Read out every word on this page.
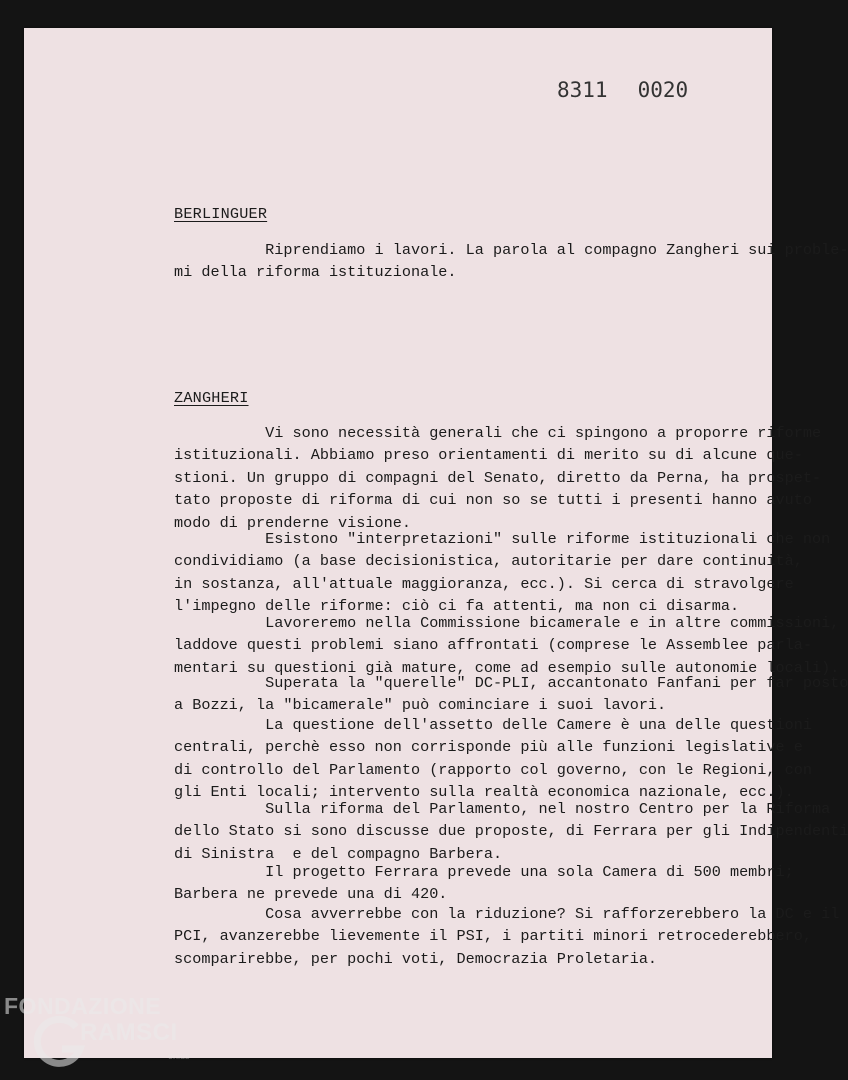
8311 0020
BERLINGUER
Riprendiamo i lavori. La parola al compagno Zangheri sui proble-
mi della riforma istituzionale.
ZANGHERI
Vi sono necessità generali che ci spingono a proporre riforme
istituzionali. Abbiamo preso orientamenti di merito su di alcune que-
stioni. Un gruppo di compagni del Senato, diretto da Perna, ha prospet-
tato proposte di riforma di cui non so se tutti i presenti hanno avuto
modo di prenderne visione.
Esistono "interpretazioni" sulle riforme istituzionali che non
condividiamo (a base decisionistica, autoritarie per dare continuità,
in sostanza, all'attuale maggioranza, ecc.). Si cerca di stravolgere
l'impegno delle riforme: ciò ci fa attenti, ma non ci disarma.
Lavoreremo nella Commissione bicamerale e in altre commissioni,
laddove questi problemi siano affrontati (comprese le Assemblee parla-
mentari su questioni già mature, come ad esempio sulle autonomie locali).
Superata la "querelle" DC-PLI, accantonato Fanfani per far posto
a Bozzi, la "bicamerale" può cominciare i suoi lavori.
La questione dell'assetto delle Camere è una delle questioni
centrali, perchè esso non corrisponde più alle funzioni legislative e
di controllo del Parlamento (rapporto col governo, con le Regioni, con
gli Enti locali; intervento sulla realtà economica nazionale, ecc.).
Sulla riforma del Parlamento, nel nostro Centro per la Riforma
dello Stato si sono discusse due proposte, di Ferrara per gli Indipendenti
di Sinistra  e del compagno Barbera.
Il progetto Ferrara prevede una sola Camera di 500 membri;
Barbera ne prevede una di 420.
Cosa avverrebbe con la riduzione? Si rafforzerebbero la DC e il
PCI, avanzerebbe lievemente il PSI, i partiti minori retrocederebbero,
scomparirebbe, per pochi voti, Democrazia Proletaria.
FONDAZIONE
RAMSCI
onlus
